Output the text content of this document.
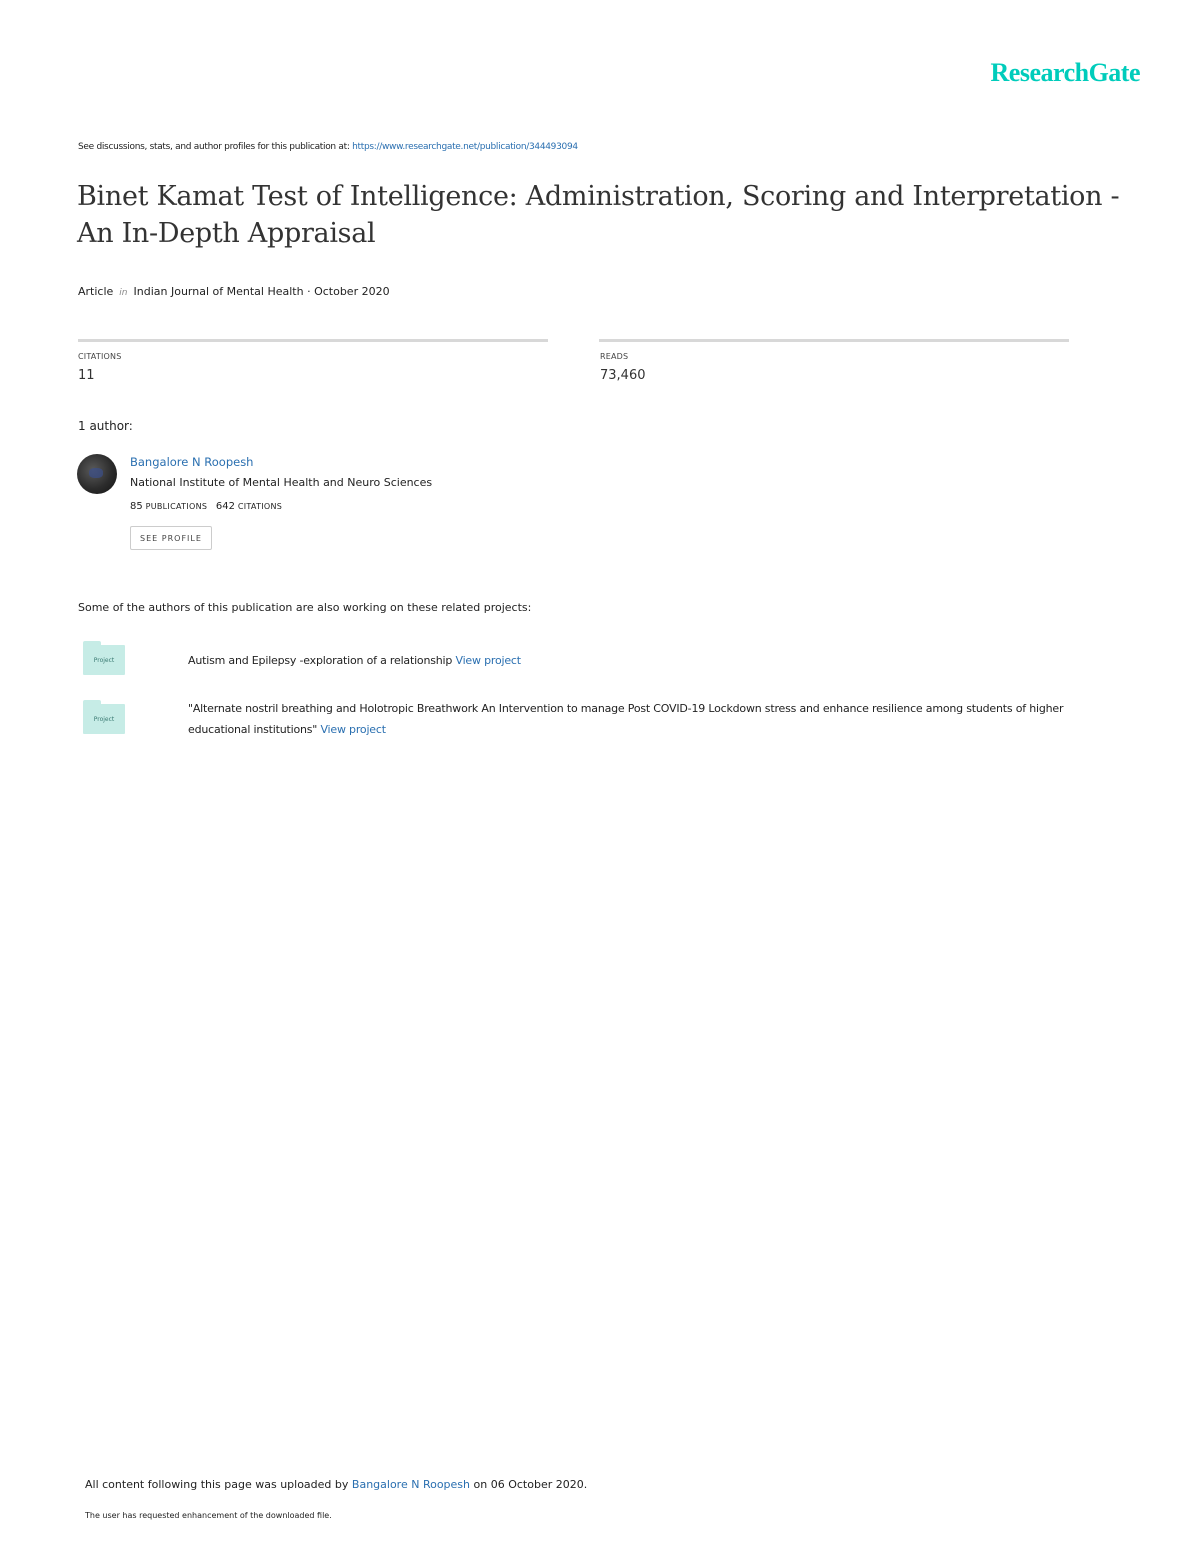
ResearchGate
See discussions, stats, and author profiles for this publication at: https://www.researchgate.net/publication/344493094
Binet Kamat Test of Intelligence: Administration, Scoring and Interpretation -
An In-Depth Appraisal
Article in Indian Journal of Mental Health · October 2020
CITATIONS
11
READS
73,460
1 author:
Bangalore N Roopesh
National Institute of Mental Health and Neuro Sciences
85 PUBLICATIONS 642 CITATIONS
SEE PROFILE
Some of the authors of this publication are also working on these related projects:
Project	Autism and Epilepsy -exploration of a relationship View project
Project
"Alternate nostril breathing and Holotropic Breathwork An Intervention to manage Post COVID-19 Lockdown stress and enhance resilience among students of higher educational institutions" View project
All content following this page was uploaded by Bangalore N Roopesh on 06 October 2020.
The user has requested enhancement of the downloaded file.
